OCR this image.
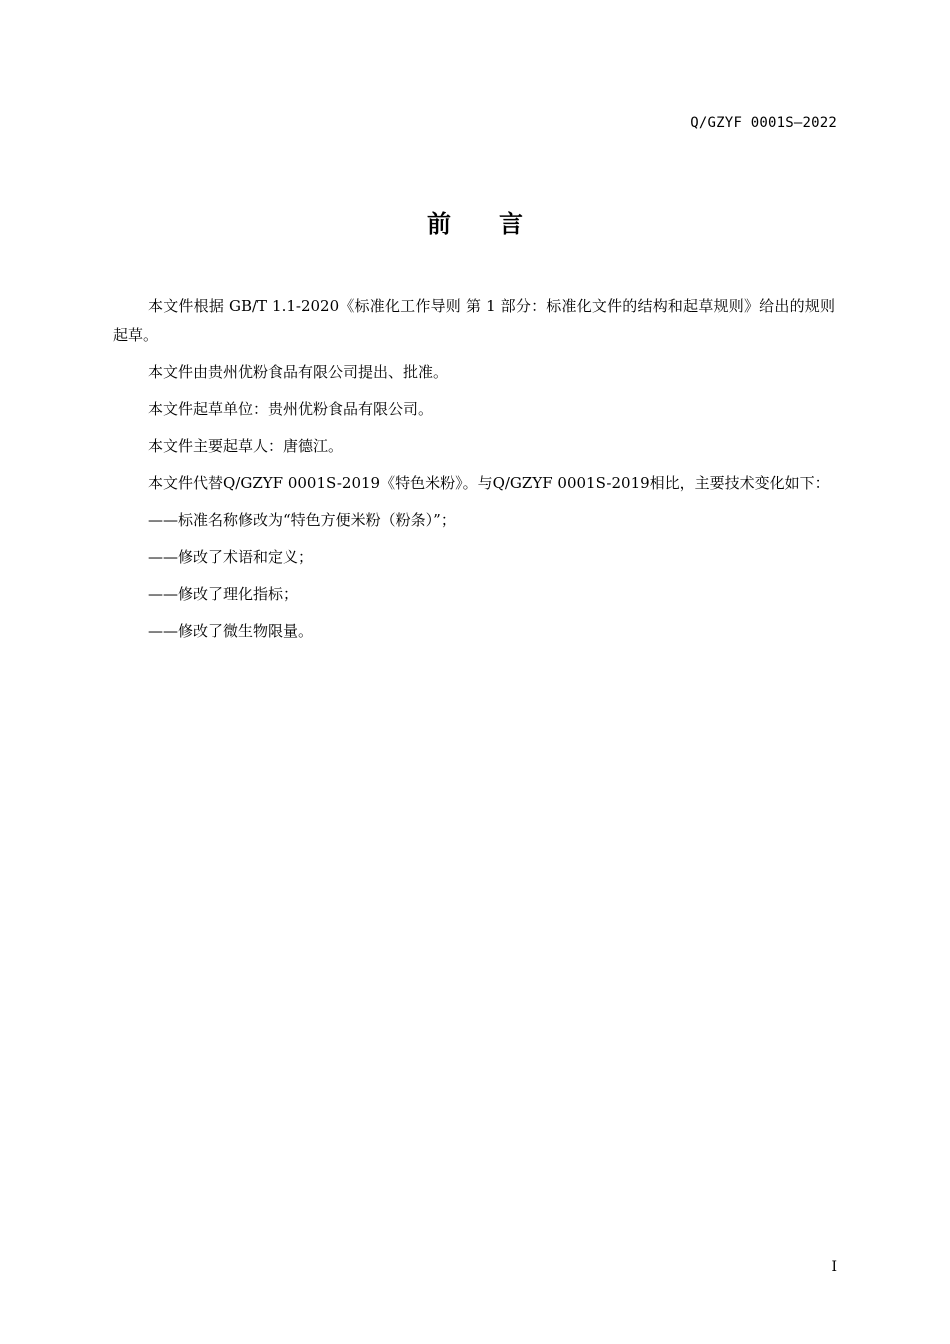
Q/GZYF 0001S—2022
前言

本文件根据 GB/T 1.1-2020《标准化工作导则 第 1 部分：标准化文件的结构和起草规则》给出的规则起草。

本文件由贵州优粉食品有限公司提出、批准。

本文件起草单位：贵州优粉食品有限公司。

本文件主要起草人：唐德江。

本文件代替Q/GZYF 0001S-2019《特色米粉》。与Q/GZYF 0001S-2019相比，主要技术变化如下：

——标准名称修改为“特色方便米粉（粉条）”；

——修改了术语和定义；

——修改了理化指标；

——修改了微生物限量。

I
